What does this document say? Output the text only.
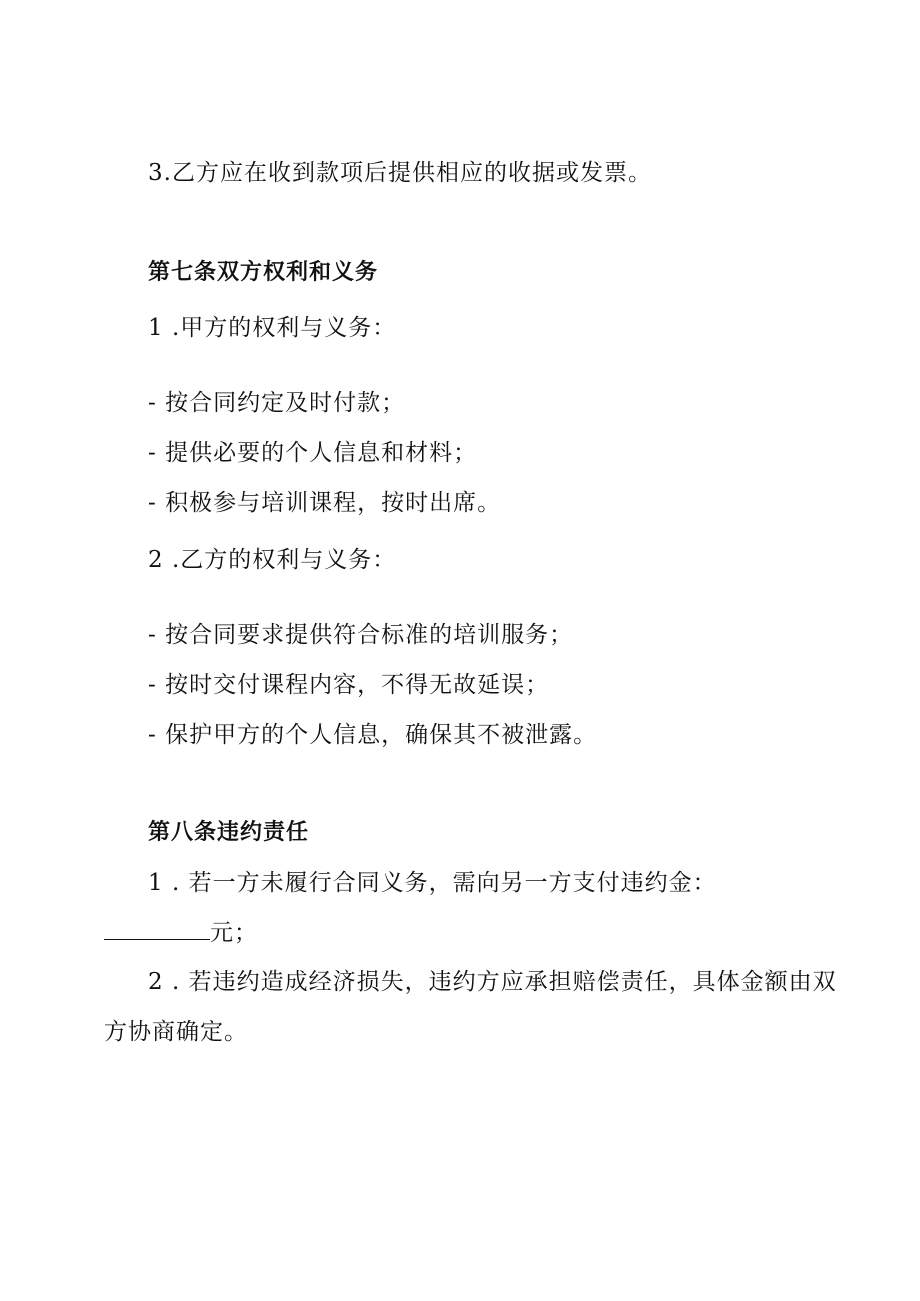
3.乙方应在收到款项后提供相应的收据或发票。
第七条双方权利和义务
1 .甲方的权利与义务：
- 按合同约定及时付款；
- 提供必要的个人信息和材料；
- 积极参与培训课程，按时出席。
2 .乙方的权利与义务：
- 按合同要求提供符合标准的培训服务；
- 按时交付课程内容，不得无故延误；
- 保护甲方的个人信息，确保其不被泄露。
第八条违约责任
1 . 若一方未履行合同义务，需向另一方支付违约金：
元；
2 . 若违约造成经济损失，违约方应承担赔偿责任，具体金额由双
方协商确定。
